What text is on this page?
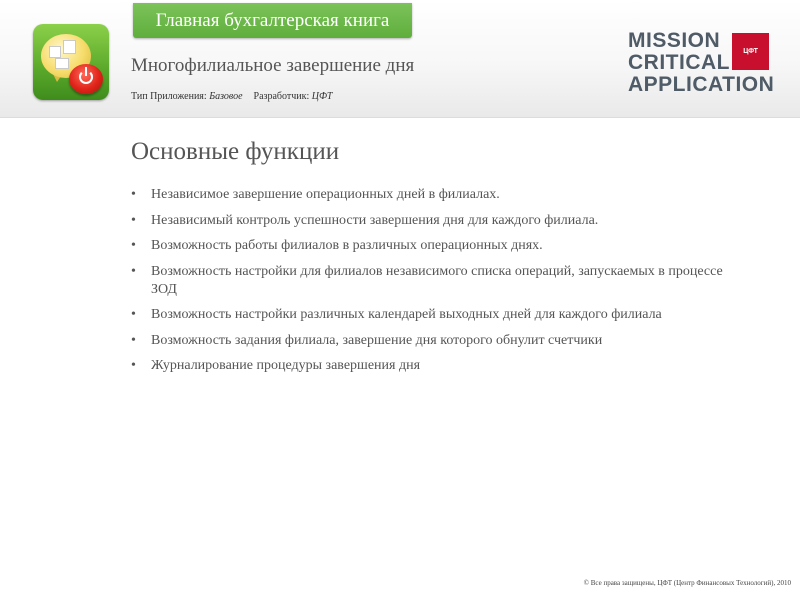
Главная бухгалтерская книга
Многофилиальное завершение дня
Тип Приложения: Базовое Разработчик: ЦФТ
MISSION
CRITICAL
APPLICATION
ЦФТ
Основные функции
• Независимое завершение операционных дней в филиалах.
• Независимый контроль успешности завершения дня для каждого филиала.
• Возможность работы филиалов в различных операционных днях.
• Возможность настройки для филиалов независимого списка операций, запускаемых в процессе ЗОД
• Возможность настройки различных календарей выходных дней для каждого филиала
• Возможность задания филиала, завершение дня которого обнулит счетчики
• Журналирование процедуры завершения дня
© Все права защищены, ЦФТ (Центр Финансовых Технологий), 2010
